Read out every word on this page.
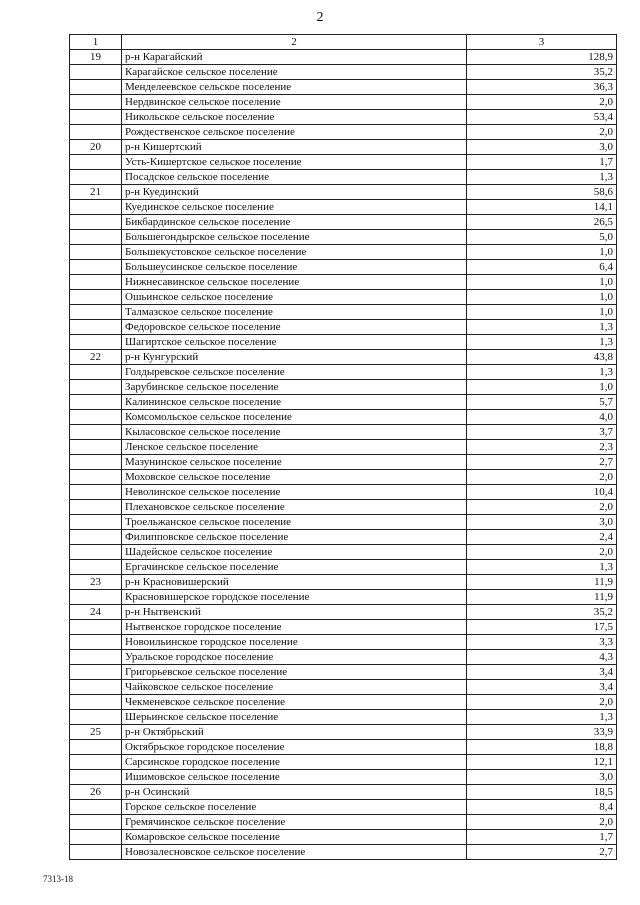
2
1	2	3
19	р-н Карагайский	128,9
	Карагайское сельское поселение	35,2
	Менделеевское сельское поселение	36,3
	Нердвинское сельское поселение	2,0
	Никольское сельское поселение	53,4
	Рождественское сельское поселение	2,0
20	р-н Кишертский	3,0
	Усть-Кишертское сельское поселение	1,7
	Посадское сельское поселение	1,3
21	р-н Куединский	58,6
	Куединское сельское поселение	14,1
	Бикбардинское сельское поселение	26,5
	Большегондырское сельское поселение	5,0
	Большекустовское сельское поселение	1,0
	Большеусинское сельское поселение	6,4
	Нижнесавинское сельское поселение	1,0
	Ошьинское сельское поселение	1,0
	Талмазское сельское поселение	1,0
	Федоровское сельское поселение	1,3
	Шагиртское сельское поселение	1,3
22	р-н Кунгурский	43,8
	Голдыревское сельское поселение	1,3
	Зарубинское сельское поселение	1,0
	Калининское сельское поселение	5,7
	Комсомольское сельское поселение	4,0
	Кыласовское сельское поселение	3,7
	Ленское сельское поселение	2,3
	Мазунинское сельское поселение	2,7
	Моховское сельское поселение	2,0
	Неволинское сельское поселение	10,4
	Плехановское сельское поселение	2,0
	Троельжанское сельское поселение	3,0
	Филипповское сельское поселение	2,4
	Шадейское сельское поселение	2,0
	Ергачинское сельское поселение	1,3
23	р-н Красновишерский	11,9
	Красновишерское городское поселение	11,9
24	р-н Нытвенский	35,2
	Нытвенское городское поселение	17,5
	Новоильинское городское поселение	3,3
	Уральское городское поселение	4,3
	Григорьевское сельское поселение	3,4
	Чайковское сельское поселение	3,4
	Чекменевское сельское поселение	2,0
	Шерьинское сельское поселение	1,3
25	р-н Октябрьский	33,9
	Октябрьское городское поселение	18,8
	Сарсинское городское поселение	12,1
	Ишимовское сельское поселение	3,0
26	р-н Осинский	18,5
	Горское сельское поселение	8,4
	Гремячинское сельское поселение	2,0
	Комаровское сельское поселение	1,7
	Новозалесновское сельское поселение	2,7
7313-18
